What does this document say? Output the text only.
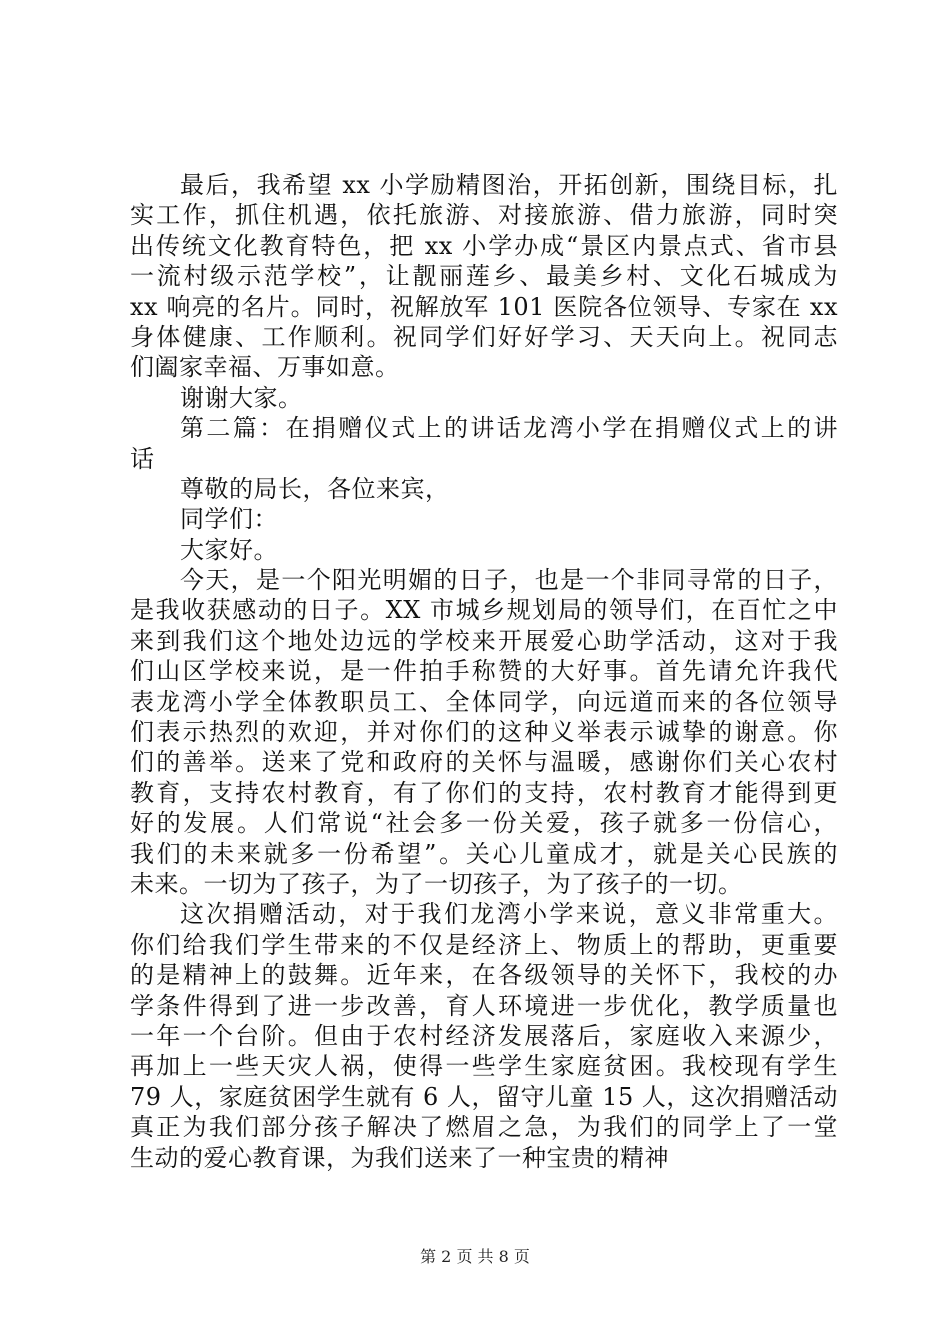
最后，我希望 xx 小学励精图治，开拓创新，围绕目标，扎
实工作，抓住机遇，依托旅游、对接旅游、借力旅游，同时突
出传统文化教育特色，把 xx 小学办成“景区内景点式、省市县
一流村级示范学校”，让靓丽莲乡、最美乡村、文化石城成为
xx 响亮的名片。同时，祝解放军 101 医院各位领导、专家在 xx
身体健康、工作顺利。祝同学们好好学习、天天向上。祝同志
们阖家幸福、万事如意。
谢谢大家。
第二篇：在捐赠仪式上的讲话龙湾小学在捐赠仪式上的讲
话
尊敬的局长，各位来宾，
同学们：
大家好。
今天，是一个阳光明媚的日子，也是一个非同寻常的日子，
是我收获感动的日子。XX 市城乡规划局的领导们，在百忙之中
来到我们这个地处边远的学校来开展爱心助学活动，这对于我
们山区学校来说，是一件拍手称赞的大好事。首先请允许我代
表龙湾小学全体教职员工、全体同学，向远道而来的各位领导
们表示热烈的欢迎，并对你们的这种义举表示诚挚的谢意。你
们的善举。送来了党和政府的关怀与温暖，感谢你们关心农村
教育，支持农村教育，有了你们的支持，农村教育才能得到更
好的发展。人们常说“社会多一份关爱，孩子就多一份信心，
我们的未来就多一份希望”。关心儿童成才，就是关心民族的
未来。一切为了孩子，为了一切孩子，为了孩子的一切。
这次捐赠活动，对于我们龙湾小学来说，意义非常重大。
你们给我们学生带来的不仅是经济上、物质上的帮助，更重要
的是精神上的鼓舞。近年来，在各级领导的关怀下，我校的办
学条件得到了进一步改善，育人环境进一步优化，教学质量也
一年一个台阶。但由于农村经济发展落后，家庭收入来源少，
再加上一些天灾人祸，使得一些学生家庭贫困。我校现有学生
79 人，家庭贫困学生就有 6 人，留守儿童 15 人，这次捐赠活动
真正为我们部分孩子解决了燃眉之急，为我们的同学上了一堂
生动的爱心教育课，为我们送来了一种宝贵的精神
第 2 页 共 8 页
